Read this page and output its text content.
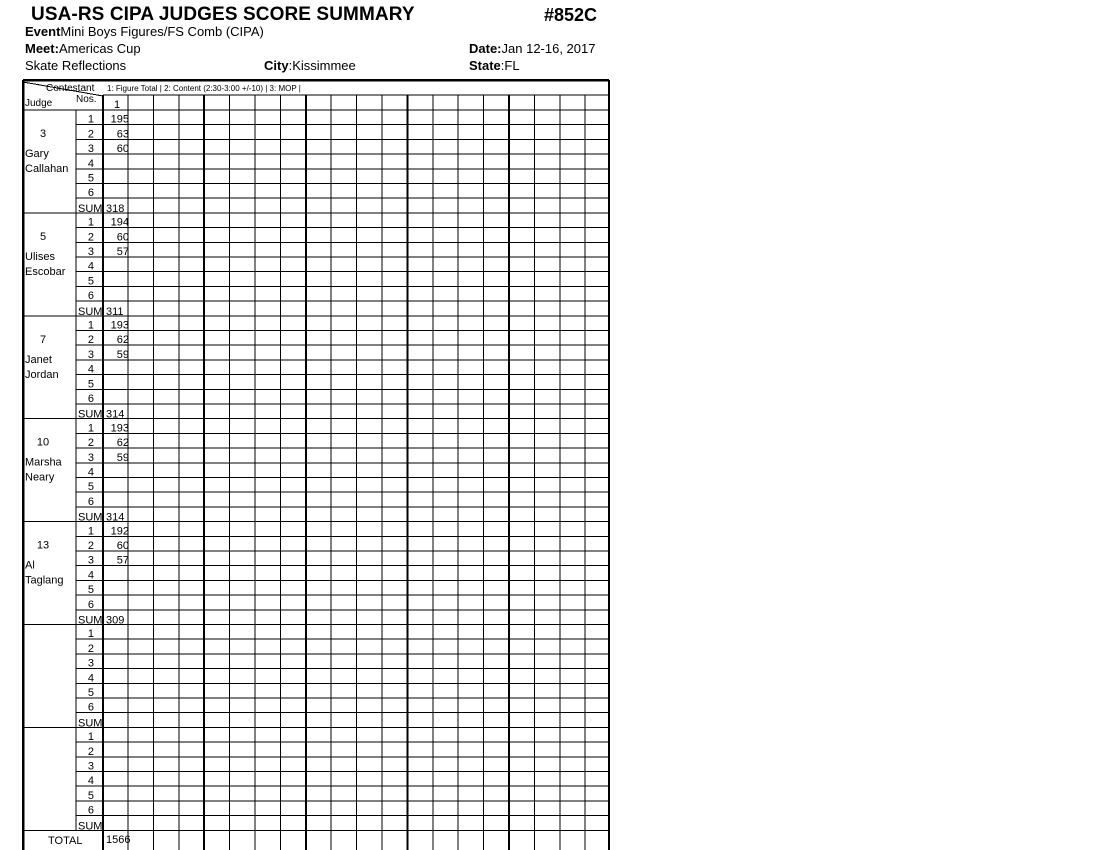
USA-RS CIPA JUDGES SCORE SUMMARY	#852C
EventMini Boys Figures/FS Comb (CIPA)
Meet:Americas Cup	Date:Jan 12-16, 2017
Skate Reflections	City:Kissimmee	State:FL
Contestant
Nos.
Judge
1: Figure Total | 2: Content (2:30-3:00 +/-10) | 3: MOP |
1
3
Gary
Callahan
1 195
2 63
3 60
4
5
6
SUM 318
5
Ulises
Escobar
1 194
2 60
3 57
4
5
6
SUM 311
7
Janet
Jordan
1 193
2 62
3 59
4
5
6
SUM 314
10
Marsha
Neary
1 193
2 62
3 59
4
5
6
SUM 314
13
Al
Taglang
1 192
2 60
3 57
4
5
6
SUM 309
1
2
3
4
5
6
SUM
1
2
3
4
5
6
SUM
TOTAL 1566
